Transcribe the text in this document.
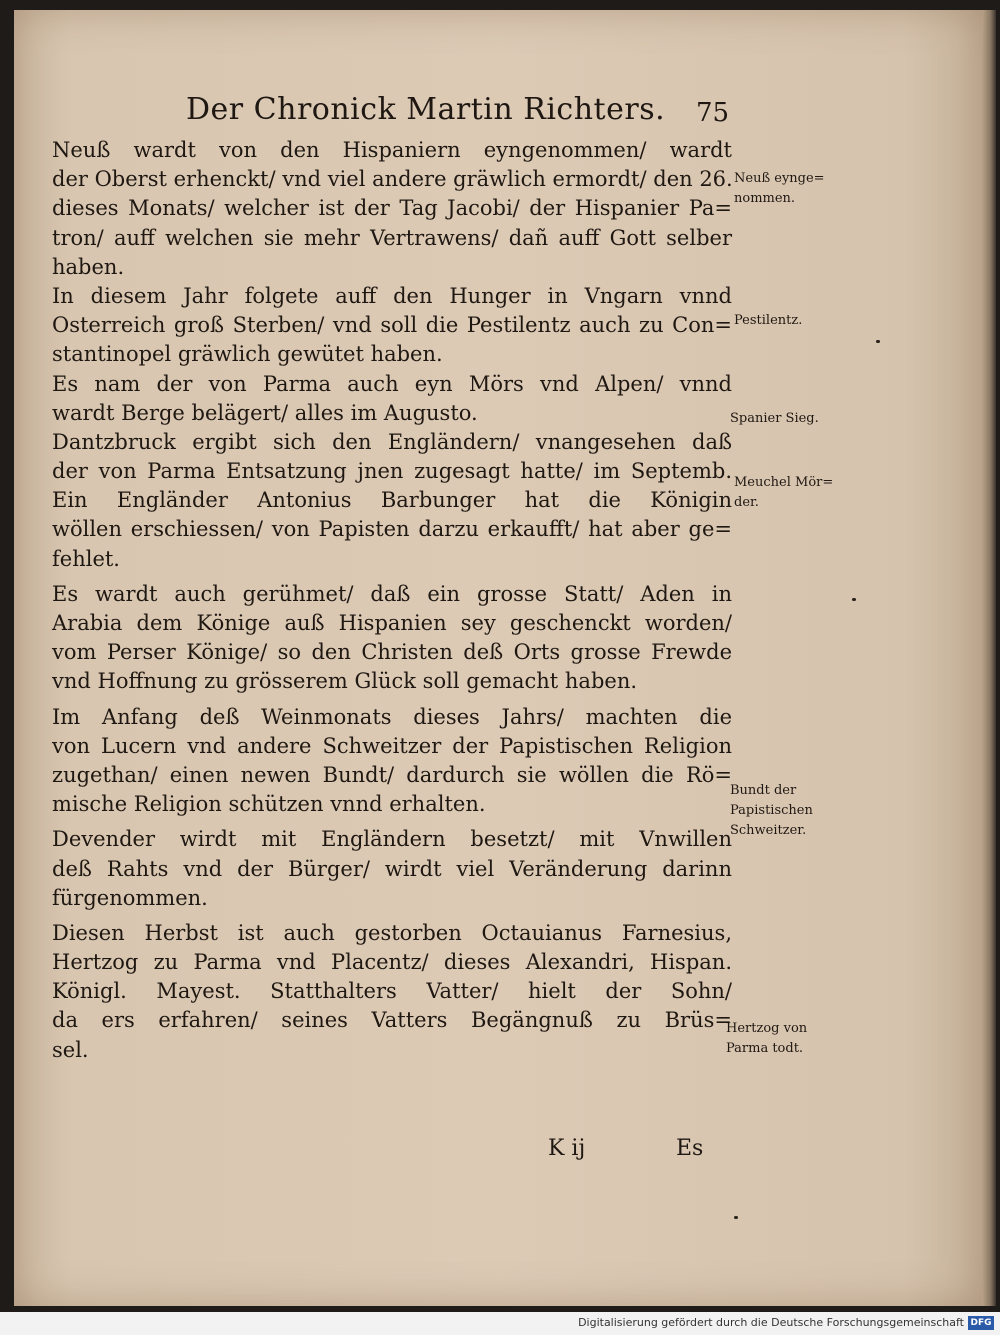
Der Chronick Martin Richters. 75
Neuß wardt von den Hispaniern eyngenommen/ wardt
der Oberst erhenckt/ vnd viel andere gräwlich ermordt/ den 26.
dieses Monats/ welcher ist der Tag Jacobi/ der Hispanier Pa=
tron/ auff welchen sie mehr Vertrawens/ dañ auff Gott selber
haben.
In diesem Jahr folgete auff den Hunger in Vngarn vnnd
Osterreich groß Sterben/ vnd soll die Pestilentz auch zu Con=
stantinopel gräwlich gewütet haben.
Es nam der von Parma auch eyn Mörs vnd Alpen/ vnnd
wardt Berge belägert/ alles im Augusto.
Dantzbruck ergibt sich den Engländern/ vnangesehen daß
der von Parma Entsatzung jnen zugesagt hatte/ im Septemb.
Ein Engländer Antonius Barbunger hat die Königin
wöllen erschiessen/ von Papisten darzu erkaufft/ hat aber ge=
fehlet.
Es wardt auch gerühmet/ daß ein grosse Statt/ Aden in
Arabia dem Könige auß Hispanien sey geschenckt worden/
vom Perser Könige/ so den Christen deß Orts grosse Frewde
vnd Hoffnung zu grösserem Glück soll gemacht haben.
Im Anfang deß Weinmonats dieses Jahrs/ machten die
von Lucern vnd andere Schweitzer der Papistischen Religion
zugethan/ einen newen Bundt/ dardurch sie wöllen die Rö=
mische Religion schützen vnnd erhalten.
Devender wirdt mit Engländern besetzt/ mit Vnwillen
deß Rahts vnd der Bürger/ wirdt viel Veränderung darinn
fürgenommen.
Diesen Herbst ist auch gestorben Octauianus Farnesius,
Hertzog zu Parma vnd Placentz/ dieses Alexandri, Hispan.
Königl. Mayest. Statthalters Vatter/ hielt der Sohn/
da ers erfahren/ seines Vatters Begängnuß zu Brüs=
sel.
Neuß eynge=
nommen.
Pestilentz.
Spanier Sieg.
Meuchel Mör=
der.
Bundt der
Papistischen
Schweitzer.
Hertzog von
Parma todt.
K ij	Es
Digitalisierung gefördert durch die Deutsche Forschungsgemeinschaft DFG
